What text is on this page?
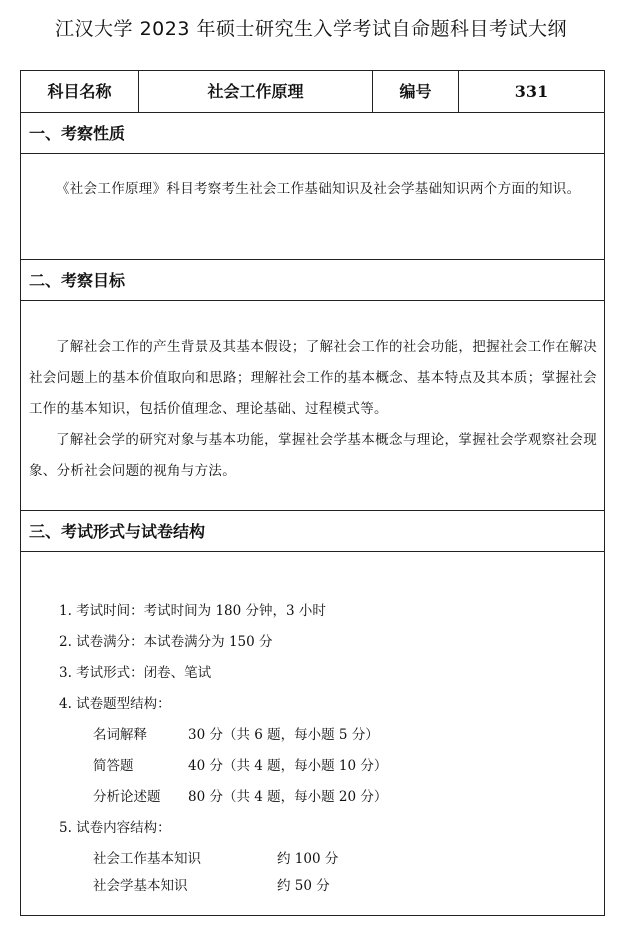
江汉大学 2023 年硕士研究生入学考试自命题科目考试大纲
科目名称	社会工作原理	编号	331
一、考察性质
《社会工作原理》科目考察考生社会工作基础知识及社会学基础知识两个方面的知识。
二、考察目标
了解社会工作的产生背景及其基本假设；了解社会工作的社会功能，把握社会工作在解决社会问题上的基本价值取向和思路；理解社会工作的基本概念、基本特点及其本质；掌握社会工作的基本知识，包括价值理念、理论基础、过程模式等。
了解社会学的研究对象与基本功能，掌握社会学基本概念与理论，掌握社会学观察社会现象、分析社会问题的视角与方法。
三、考试形式与试卷结构
1. 考试时间：考试时间为 180 分钟，3 小时
2. 试卷满分：本试卷满分为 150 分
3. 考试形式：闭卷、笔试
4. 试卷题型结构：
名词解释	30 分（共 6 题，每小题 5 分）
简答题	40 分（共 4 题，每小题 10 分）
分析论述题 80 分（共 4 题，每小题 20 分）
5. 试卷内容结构：
社会工作基本知识	约 100 分
社会学基本知识	约 50 分
